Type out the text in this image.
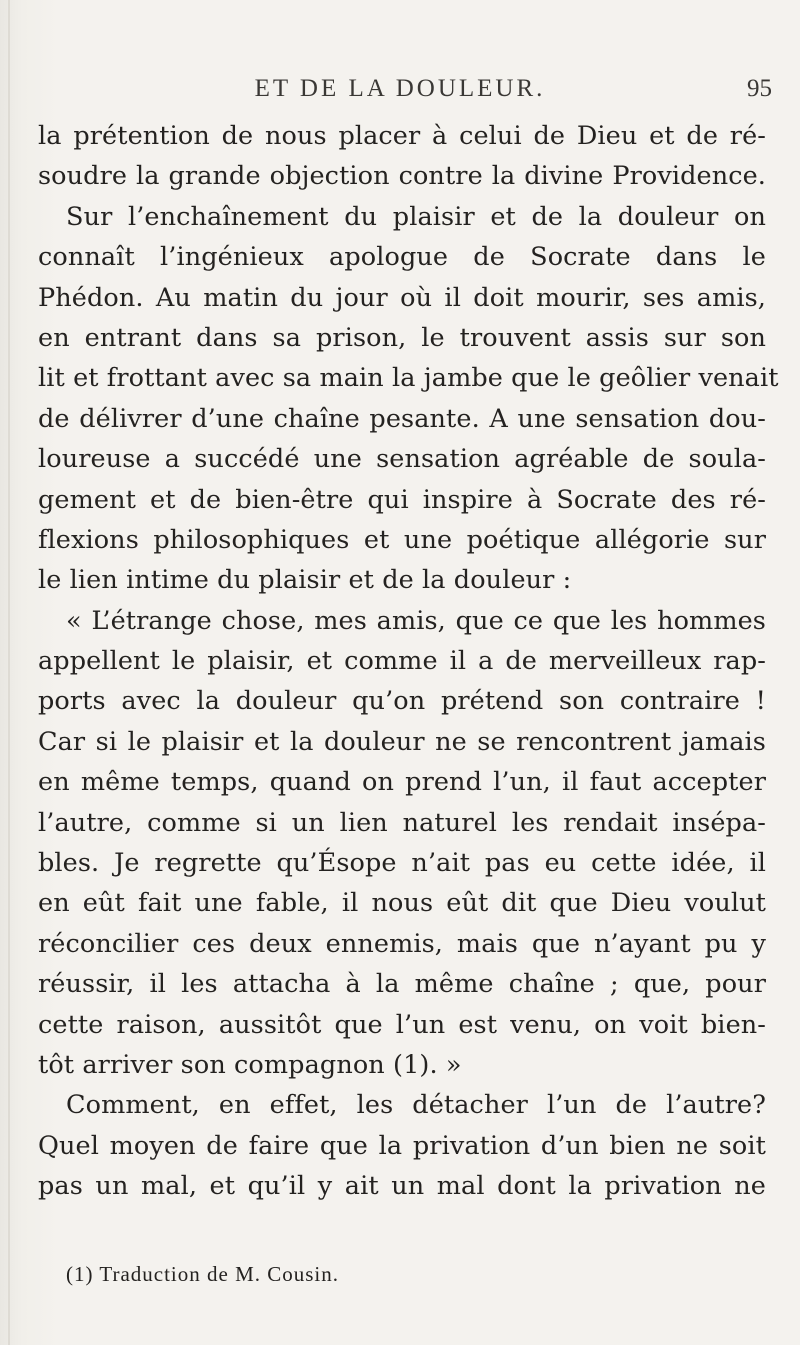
ET DE LA DOULEUR.	95
la prétention de nous placer à celui de Dieu et de ré-
soudre la grande objection contre la divine Providence.
Sur l’enchaînement du plaisir et de la douleur on
connaît l’ingénieux apologue de Socrate dans le
Phédon. Au matin du jour où il doit mourir, ses amis,
en entrant dans sa prison, le trouvent assis sur son
lit et frottant avec sa main la jambe que le geôlier venait
de délivrer d’une chaîne pesante. A une sensation dou-
loureuse a succédé une sensation agréable de soula-
gement et de bien-être qui inspire à Socrate des ré-
flexions philosophiques et une poétique allégorie sur
le lien intime du plaisir et de la douleur :
« L’étrange chose, mes amis, que ce que les hommes
appellent le plaisir, et comme il a de merveilleux rap-
ports avec la douleur qu’on prétend son contraire !
Car si le plaisir et la douleur ne se rencontrent jamais
en même temps, quand on prend l’un, il faut accepter
l’autre, comme si un lien naturel les rendait insépa-
bles. Je regrette qu’Ésope n’ait pas eu cette idée, il
en eût fait une fable, il nous eût dit que Dieu voulut
réconcilier ces deux ennemis, mais que n’ayant pu y
réussir, il les attacha à la même chaîne ; que, pour
cette raison, aussitôt que l’un est venu, on voit bien-
tôt arriver son compagnon (1). »
Comment, en effet, les détacher l’un de l’autre?
Quel moyen de faire que la privation d’un bien ne soit
pas un mal, et qu’il y ait un mal dont la privation ne
(1) Traduction de M. Cousin.
